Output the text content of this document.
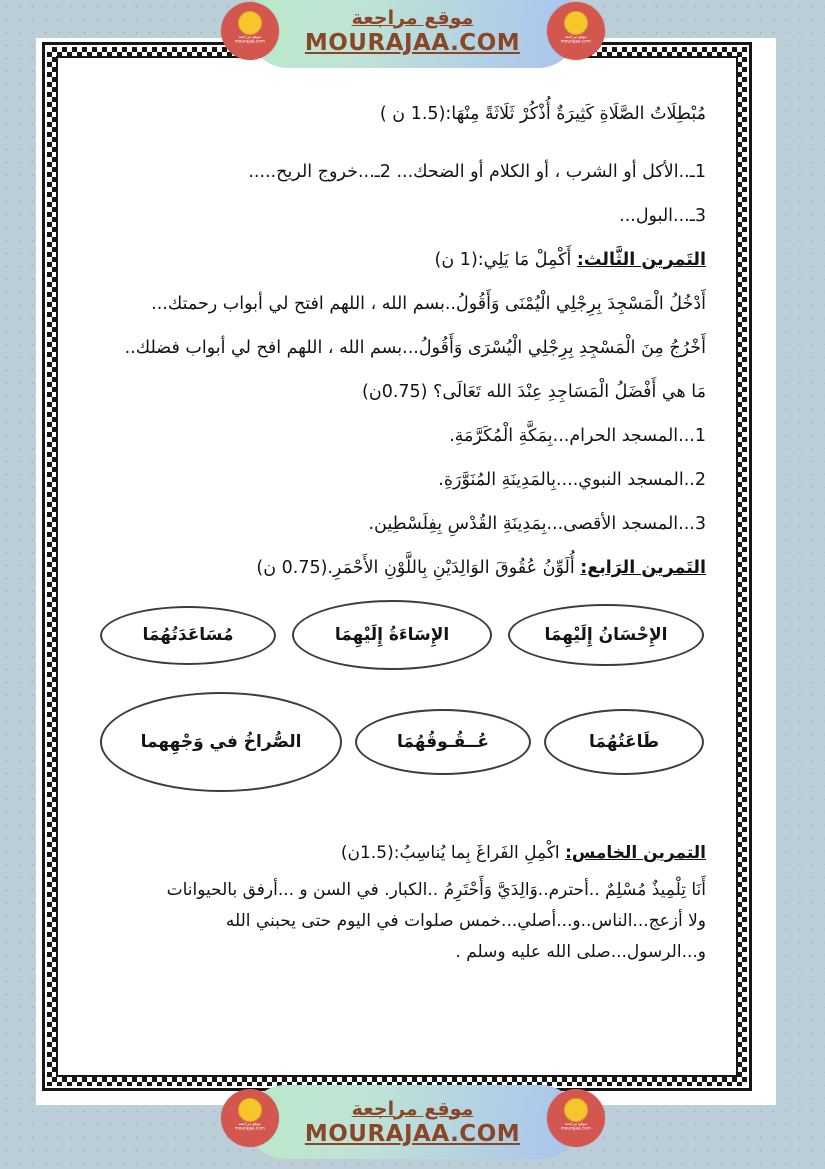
مُبْطِلَاتُ الصَّلَاةِ كَثِيرَةٌ أُذْكُرْ ثَلَاثَةً مِنْهَا:(1.5 ن )
1ـ..الأكل أو الشرب ، أو الكلام أو الضحك... 2ـ...خروج الريح.....
3ـ...البول...
التَمرين الثَّالث: أَكْمِلْ مَا يَلِي:(1 ن)
أَدْخُلُ الْمَسْجِدَ بِرِجْلِي الْيُمْنَى وَأَقُولُ..بسم الله ، اللهم افتح لي أبواب رحمتك...
أَخْرُجُ مِنَ الْمَسْجِدِ بِرِجْلِي الْيُسْرَى وَأَقُولُ...بسم الله ، اللهم افح لي أبواب فضلك..
مَا هي أَفْضَلُ الْمَسَاجِدِ عِنْدَ الله تَعَالَى؟ (0.75ن)
1...المسجد الحرام...بِمَكَّةِ الْمُكَرَّمَةِ.
2..المسجد النبوي....بِالمَدِينَةِ المُنَوَّرَةِ.
3...المسجد الأقصى...بِمَدِينَةِ القُدْسِ بِفِلَسْطِين.
التَمرين الرَابع: أُلَوِّنُ عُقُوقَ الوَالِدَيْنِ بِاللَّوْنِ الأَحْمَرِ.(0.75 ن)
الإِحْسَانُ إِلَيْهِمَا
الإِسَاءَةُ إِلَيْهِمَا
مُسَاعَدَتُهُمَا
طَاعَتُهُمَا
عُــقُـوقُهُمَا
الصُّراخُ في وَجْهِهما
التمرين الخامس: اكْمِلِ الفَراغَ بِما يُناسِبُ:(1.5ن)
أَنَا تِلْمِيذٌ مُسْلِمٌ ..أحترم..وَالِدَيَّ وَأَحْتَرِمُ ..الكبار. في السن و ...أرفق بالحيوانات
ولا أزعج...الناس..و...أصلي...خمس صلوات في اليوم حتى يحبني الله
و...الرسول...صلى الله عليه وسلم .
موقع مراجعة
MOURAJAA.COM
موقع مراجعة
mourajaa.com
موقع مراجعة
mourajaa.com
موقع مراجعة
MOURAJAA.COM
موقع مراجعة
mourajaa.com
موقع مراجعة
mourajaa.com
